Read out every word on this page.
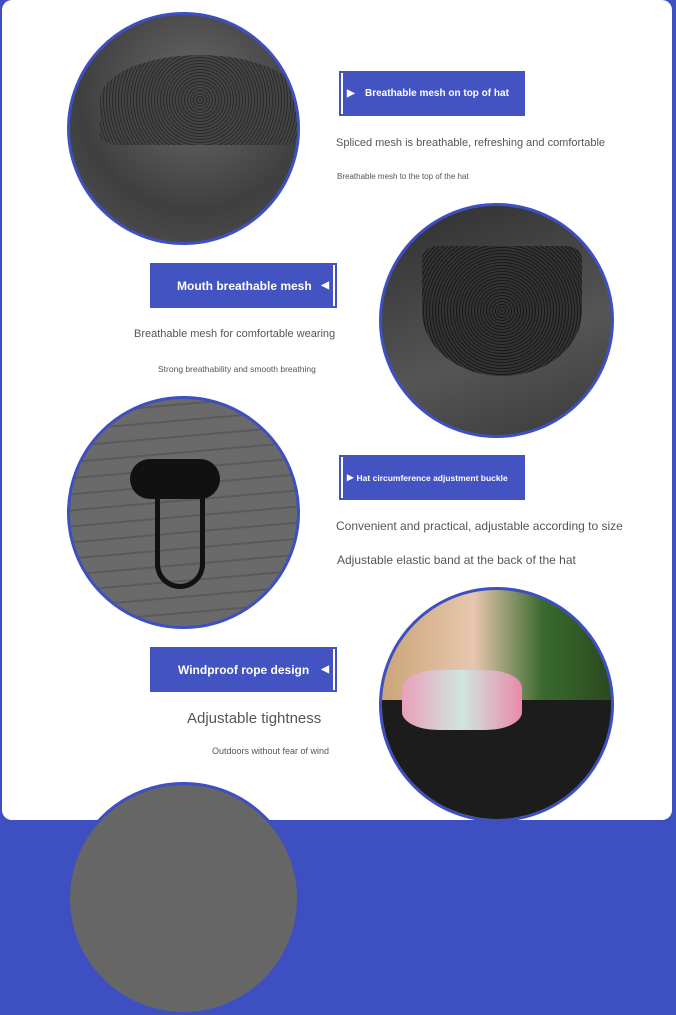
▶ Breathable mesh on top of hat
Spliced mesh is breathable, refreshing and comfortable
Breathable mesh to the top of the hat
Mouth breathable mesh ◀
Breathable mesh for comfortable wearing
Strong breathability and smooth breathing
▶ Hat circumference adjustment buckle
Convenient and practical, adjustable according to size
Adjustable elastic band at the back of the hat
Windproof rope design ◀
Adjustable tightness
Outdoors without fear of wind
